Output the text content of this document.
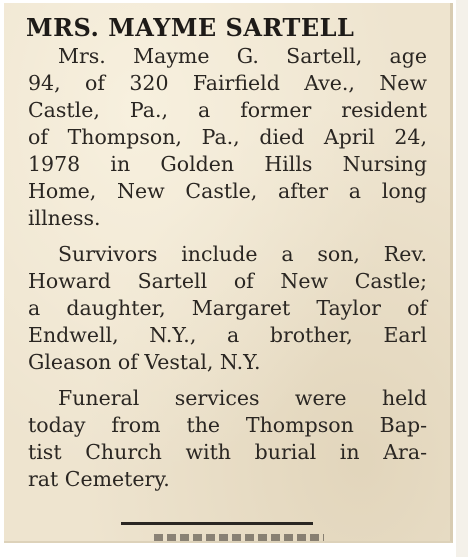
MRS. MAYME SARTELL

Mrs. Mayme G. Sartell, age

94, of 320 Fairfield Ave., New

Castle, Pa., a former resident

of Thompson, Pa., died April 24,

1978 in Golden Hills Nursing

Home, New Castle, after a long

illness.

Survivors include a son, Rev.

Howard Sartell of New Castle;

a daughter, Margaret Taylor of

Endwell, N.Y., a brother, Earl

Gleason of Vestal, N.Y.

Funeral services were held

today from the Thompson Bap-

tist Church with burial in Ara-

rat Cemetery.
